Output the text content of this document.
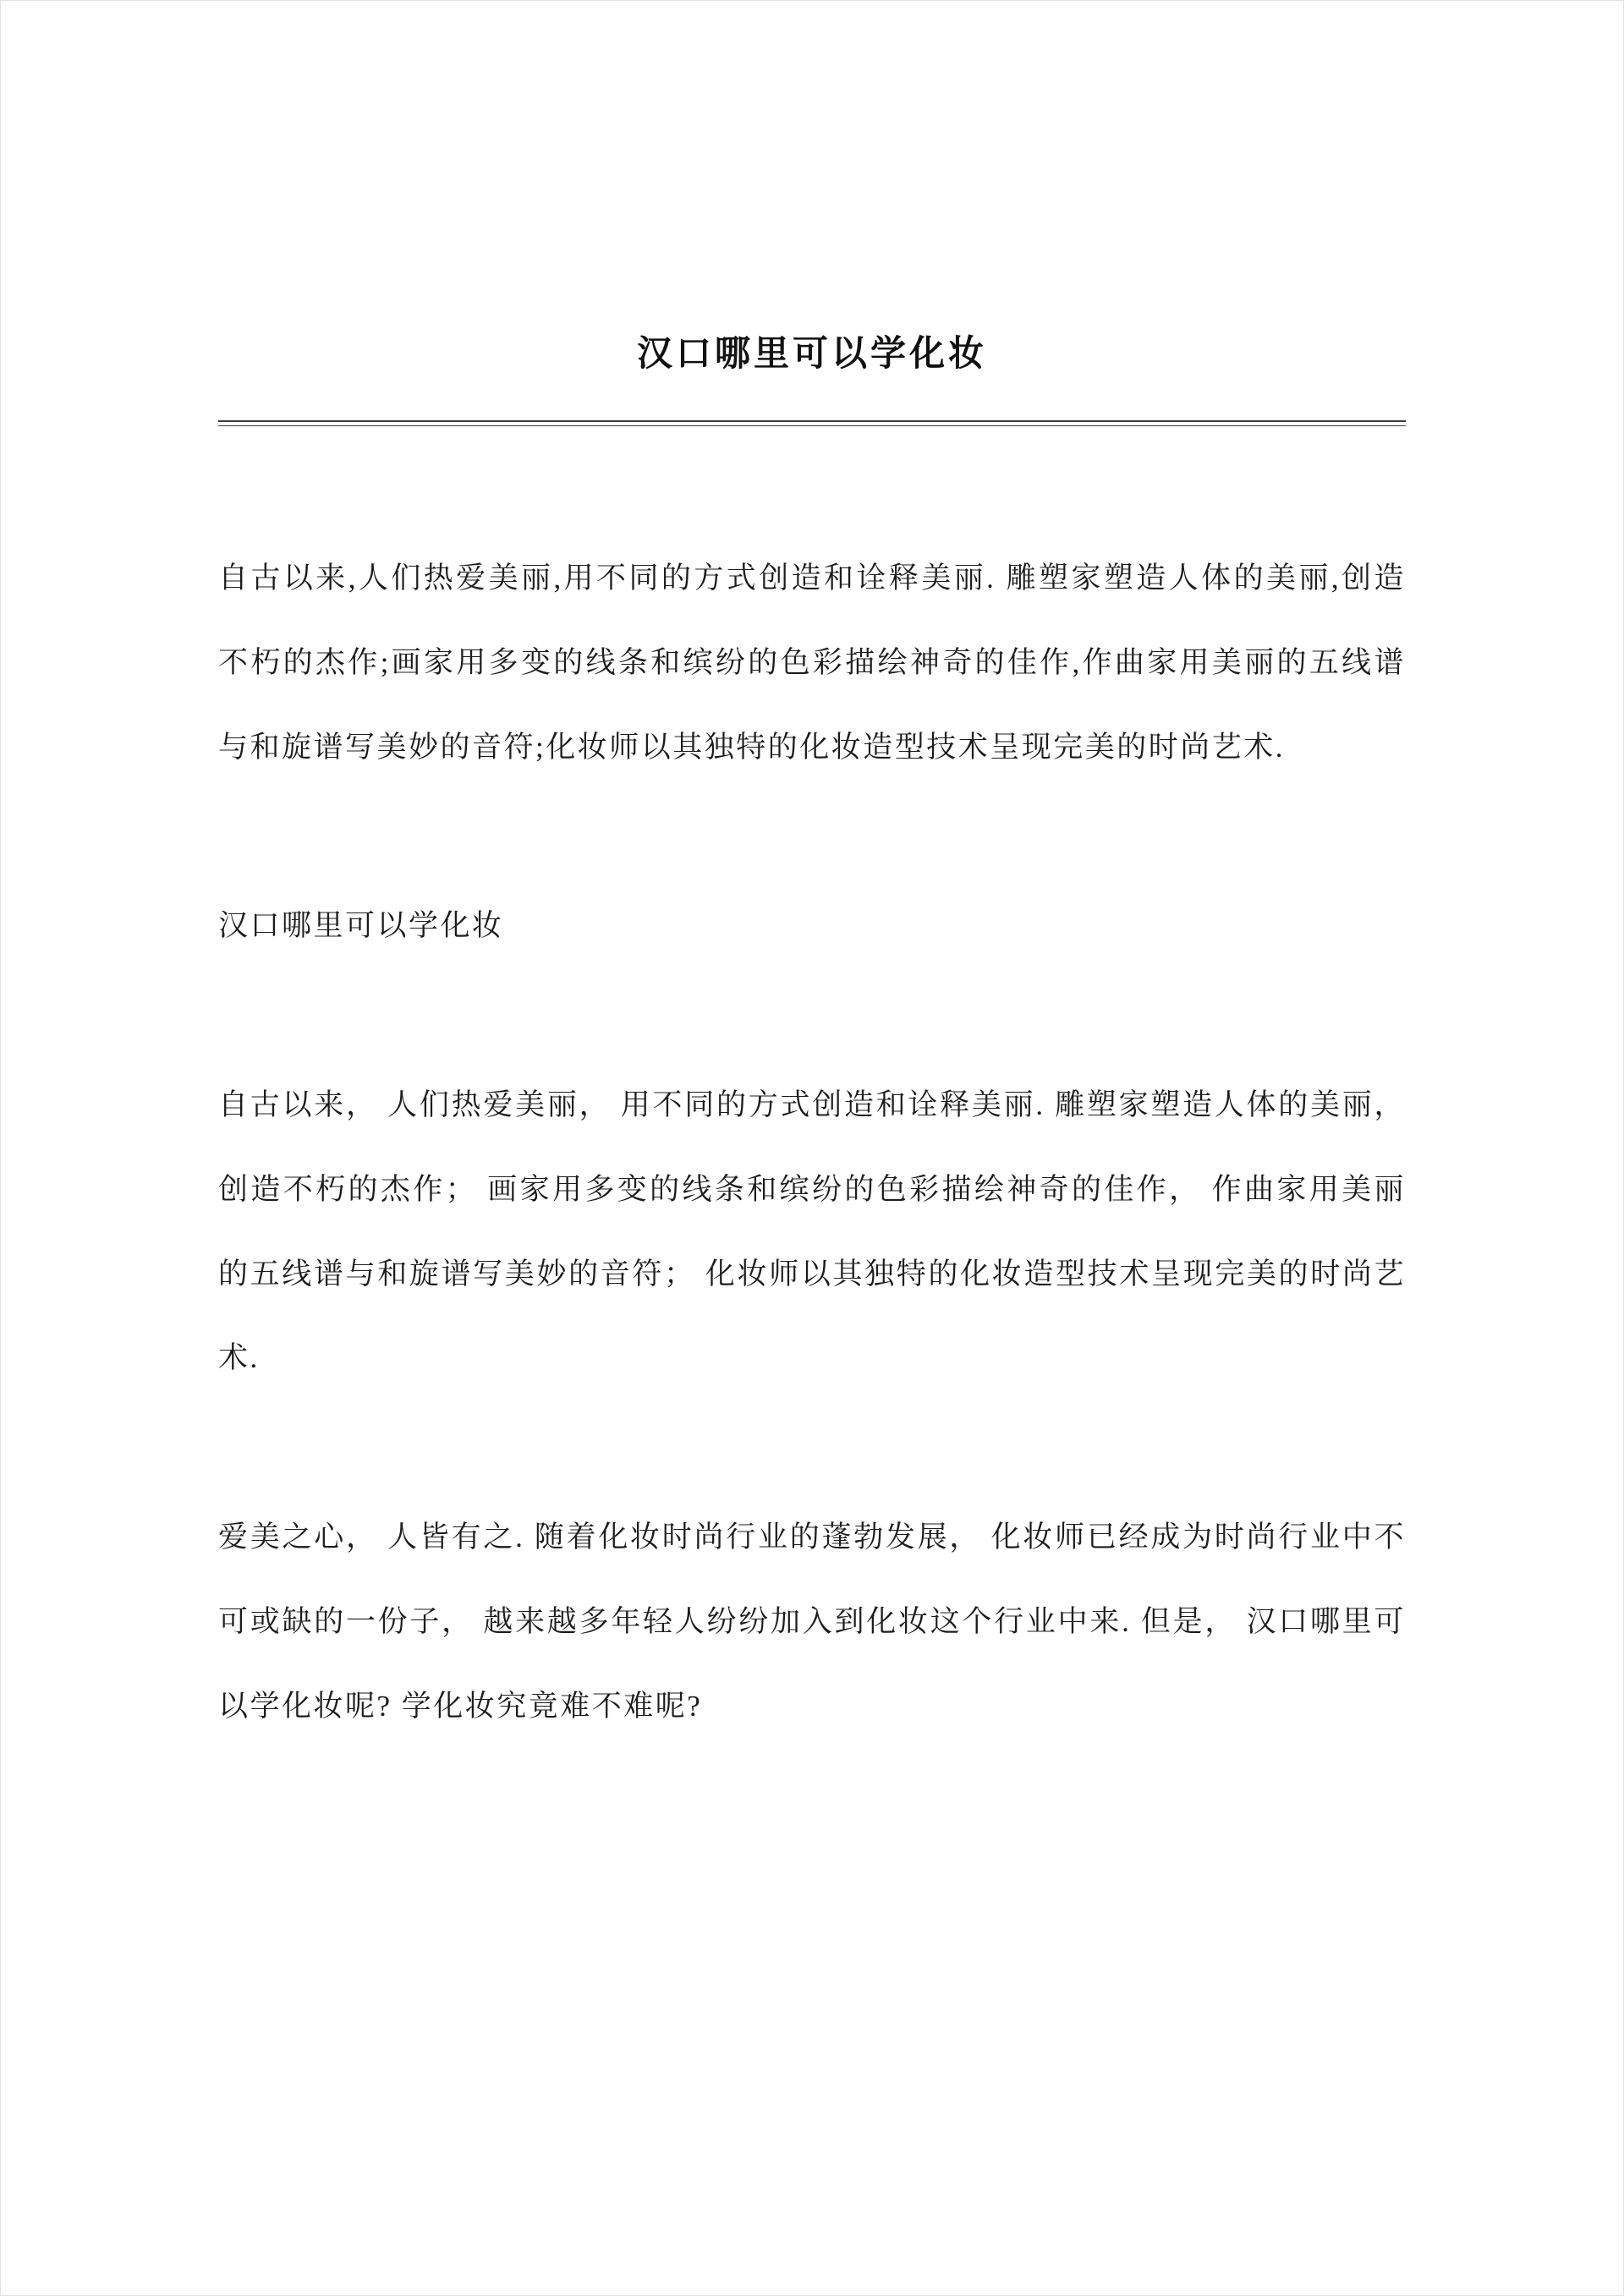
汉口哪里可以学化妆

自古以来,人们热爱美丽,用不同的方式创造和诠释美丽. 雕塑家塑造人体的美丽,创造不朽的杰作;画家用多变的线条和缤纷的色彩描绘神奇的佳作,作曲家用美丽的五线谱与和旋谱写美妙的音符;化妆师以其独特的化妆造型技术呈现完美的时尚艺术.

汉口哪里可以学化妆

自古以来， 人们热爱美丽， 用不同的方式创造和诠释美丽. 雕塑家塑造人体的美丽， 创造不朽的杰作； 画家用多变的线条和缤纷的色彩描绘神奇的佳作， 作曲家用美丽的五线谱与和旋谱写美妙的音符； 化妆师以其独特的化妆造型技术呈现完美的时尚艺术.

爱美之心， 人皆有之. 随着化妆时尚行业的蓬勃发展， 化妆师已经成为时尚行业中不可或缺的一份子， 越来越多年轻人纷纷加入到化妆这个行业中来. 但是， 汉口哪里可以学化妆呢? 学化妆究竟难不难呢?
